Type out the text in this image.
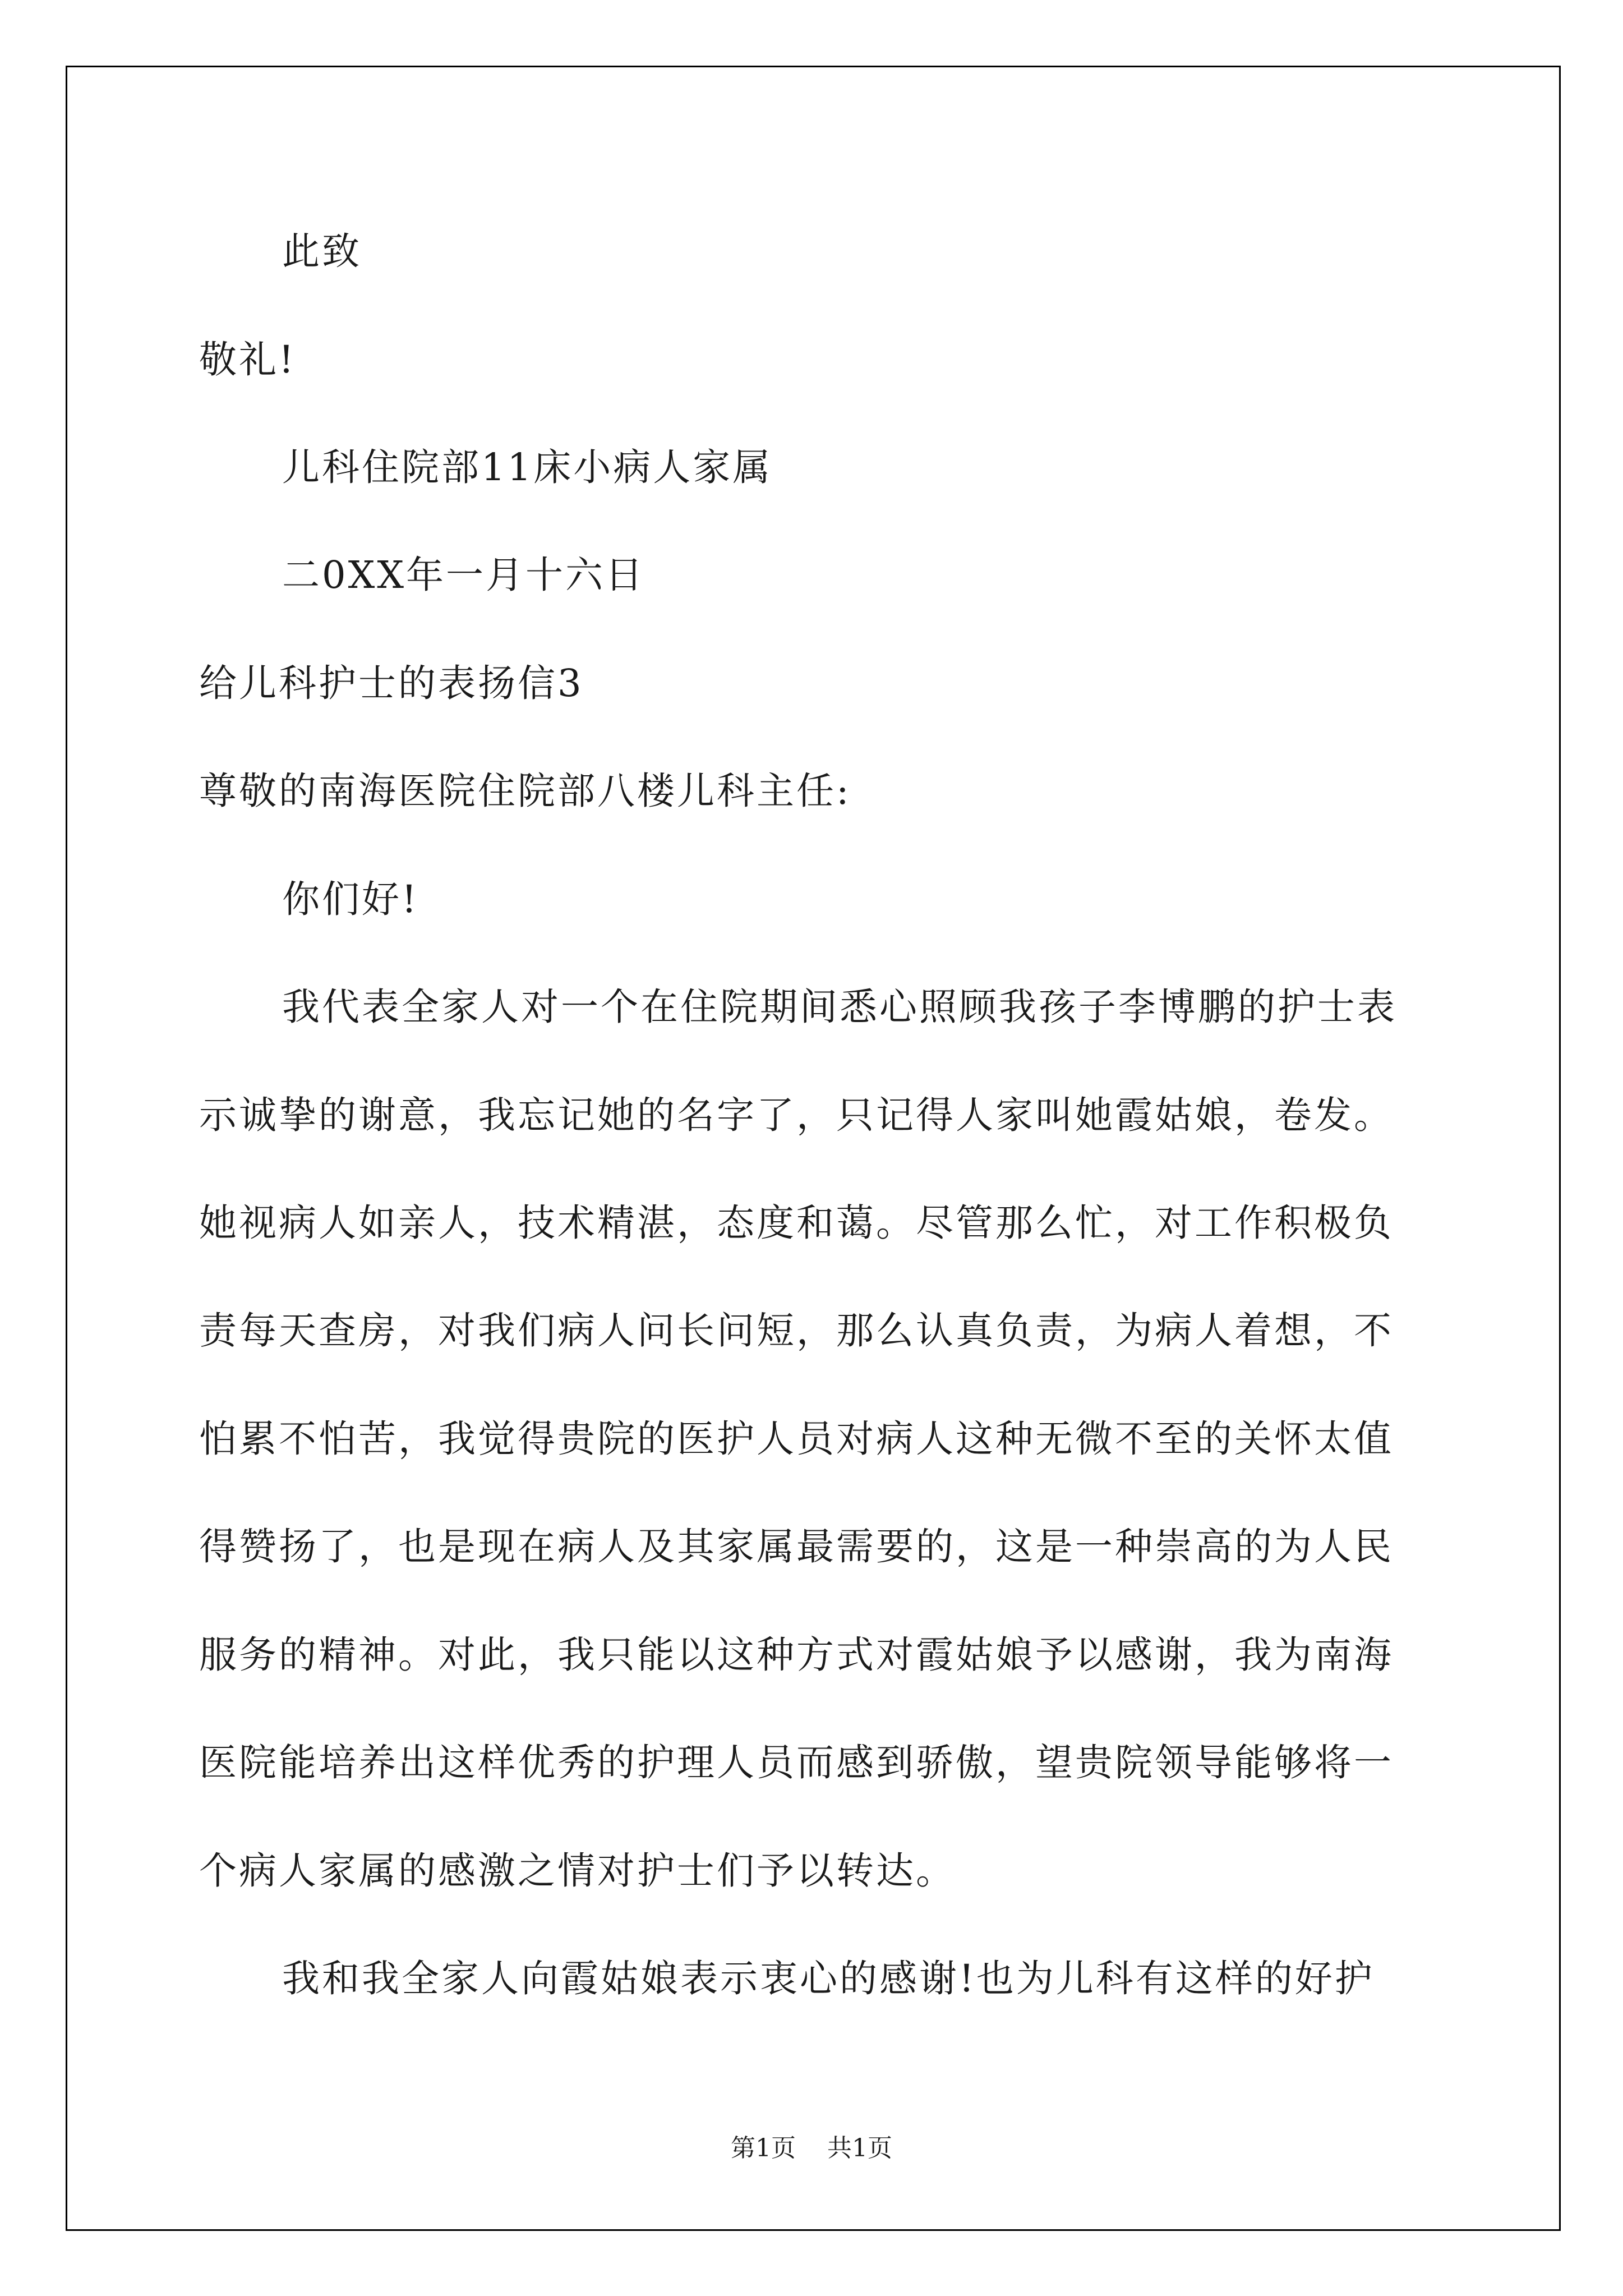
此致
敬礼!
儿科住院部11床小病人家属
二0XX年一月十六日
给儿科护士的表扬信3
尊敬的南海医院住院部八楼儿科主任:
你们好!
我代表全家人对一个在住院期间悉心照顾我孩子李博鹏的护士表
示诚挚的谢意，我忘记她的名字了，只记得人家叫她霞姑娘，卷发。
她视病人如亲人，技术精湛，态度和蔼。尽管那么忙，对工作积极负
责每天查房，对我们病人问长问短，那么认真负责，为病人着想，不
怕累不怕苦，我觉得贵院的医护人员对病人这种无微不至的关怀太值
得赞扬了，也是现在病人及其家属最需要的，这是一种崇高的为人民
服务的精神。对此，我只能以这种方式对霞姑娘予以感谢，我为南海
医院能培养出这样优秀的护理人员而感到骄傲，望贵院领导能够将一
个病人家属的感激之情对护士们予以转达。
我和我全家人向霞姑娘表示衷心的感谢!也为儿科有这样的好护
第1页 共1页
